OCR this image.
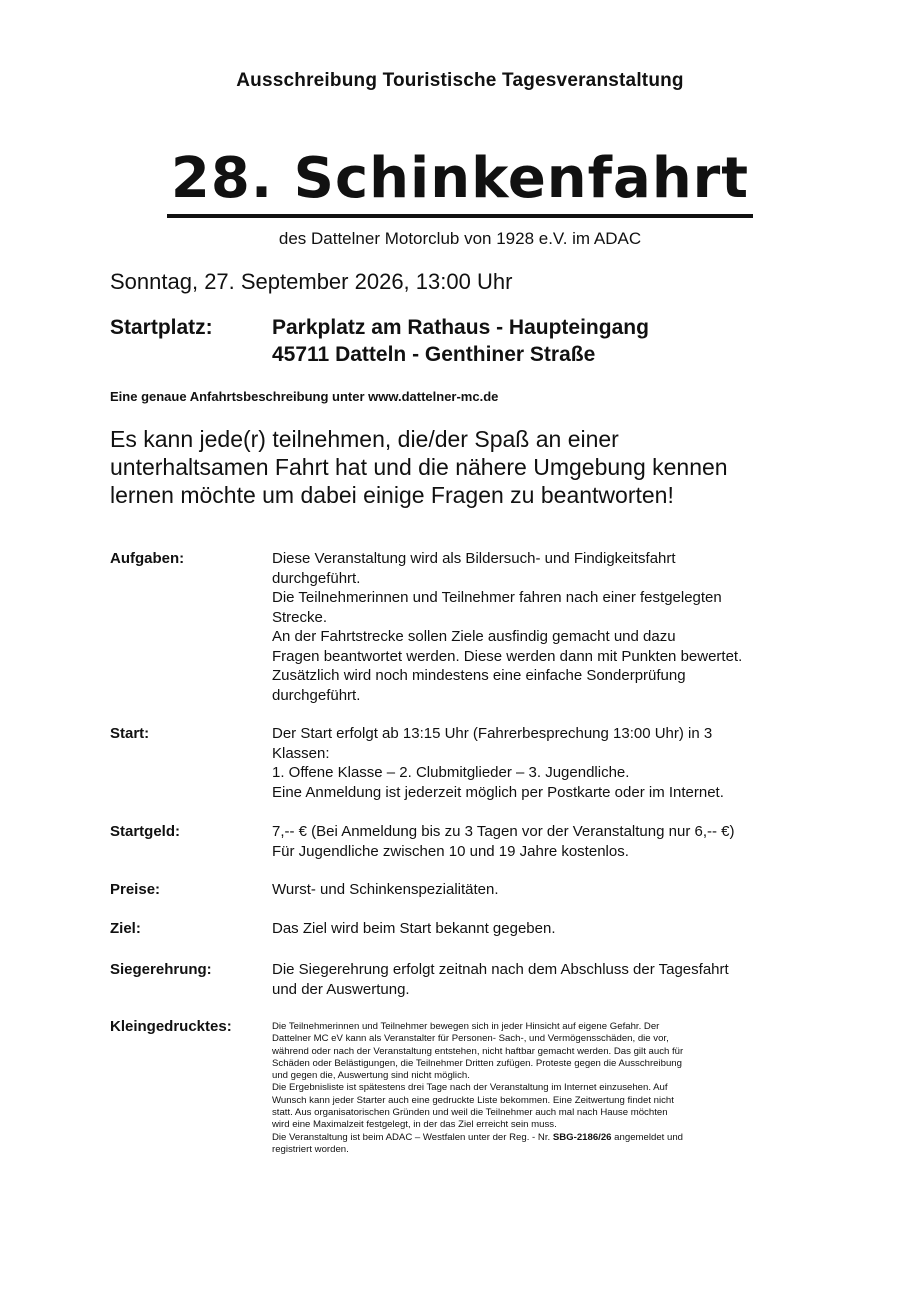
Ausschreibung Touristische Tagesveranstaltung
28. Schinkenfahrt
des Dattelner Motorclub von 1928 e.V. im ADAC
Sonntag, 27. September 2026, 13:00 Uhr
Startplatz:	Parkplatz am Rathaus - Haupteingang
45711 Datteln - Genthiner Straße
Eine genaue Anfahrtsbeschreibung unter www.dattelner-mc.de
Es kann jede(r) teilnehmen, die/der Spaß an einer
unterhaltsamen Fahrt hat und die nähere Umgebung kennen
lernen möchte um dabei einige Fragen zu beantworten!
Aufgaben:	Diese Veranstaltung wird als Bildersuch- und Findigkeitsfahrt
durchgeführt.
Die Teilnehmerinnen und Teilnehmer fahren nach einer festgelegten
Strecke.
An der Fahrtstrecke sollen Ziele ausfindig gemacht und dazu
Fragen beantwortet werden. Diese werden dann mit Punkten bewertet.
Zusätzlich wird noch mindestens eine einfache Sonderprüfung
durchgeführt.
Start:	Der Start erfolgt ab 13:15 Uhr (Fahrerbesprechung 13:00 Uhr) in 3
Klassen:
1. Offene Klasse – 2. Clubmitglieder – 3. Jugendliche.
Eine Anmeldung ist jederzeit möglich per Postkarte oder im Internet.
Startgeld:	7,-- € (Bei Anmeldung bis zu 3 Tagen vor der Veranstaltung nur 6,-- €)
Für Jugendliche zwischen 10 und 19 Jahre kostenlos.
Preise:	Wurst- und Schinkenspezialitäten.
Ziel:	Das Ziel wird beim Start bekannt gegeben.
Siegerehrung:	Die Siegerehrung erfolgt zeitnah nach dem Abschluss der Tagesfahrt
und der Auswertung.
Kleingedrucktes:	Die Teilnehmerinnen und Teilnehmer bewegen sich in jeder Hinsicht auf eigene Gefahr. Der
Dattelner MC eV kann als Veranstalter für Personen- Sach-, und Vermögensschäden, die vor,
während oder nach der Veranstaltung entstehen, nicht haftbar gemacht werden. Das gilt auch für
Schäden oder Belästigungen, die Teilnehmer Dritten zufügen. Proteste gegen die Ausschreibung
und gegen die, Auswertung sind nicht möglich.
Die Ergebnisliste ist spätestens drei Tage nach der Veranstaltung im Internet einzusehen. Auf
Wunsch kann jeder Starter auch eine gedruckte Liste bekommen. Eine Zeitwertung findet nicht
statt. Aus organisatorischen Gründen und weil die Teilnehmer auch mal nach Hause möchten
wird eine Maximalzeit festgelegt, in der das Ziel erreicht sein muss.
Die Veranstaltung ist beim ADAC – Westfalen unter der Reg. - Nr. SBG-2186/26 angemeldet und
registriert worden.
